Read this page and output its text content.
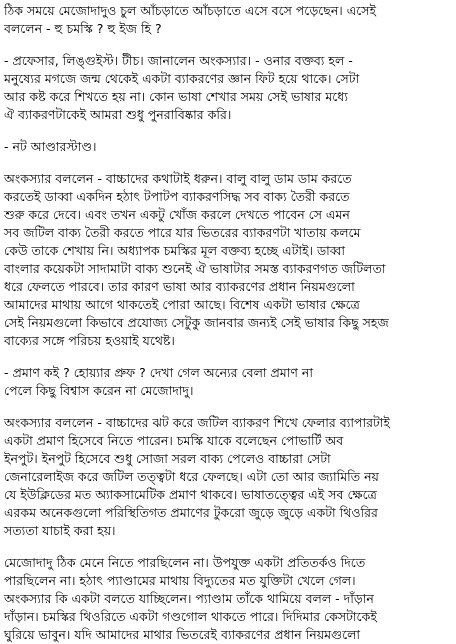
ঠিক সময়ে মেজোদাদুও চুল আঁচড়াতে আঁচড়াতে এসে বসে পড়েছেন। এসেই
বললেন - হু চমস্কি ? হু ইজ হি ?
- প্রফেসার, লিঙ্গুইস্ট। টীচ। জানালেন অংকস্যার। - ওনার বক্তব্য হল -
মনুষ্যের মগজে জন্ম থেকেই একটা ব্যাকরণের জ্ঞান ফিট হয়ে থাকে। সেটা
আর কষ্ট করে শিখতে হয় না। কোন ভাষা শেখার সময় সেই ভাষার মধ্যে
ঐ ব্যাকরণটাকেই আমরা শুধু পুনরাবিষ্কার করি।
- নট আণ্ডারস্টাণ্ড।
অংকস্যার বললেন - বাচ্চাদের কথাটাই ধরুন। বালু বালু ডাম ডাম করতে
করতেই ডাব্বা একদিন হঠাৎ টপাটপ ব্যাকরণসিদ্ধ সব বাক্য তৈরী করতে
শুরু করে দেবে। এবং তখন একটু খোঁজ করলে দেখতে পাবেন সে এমন
সব জটিল বাক্য তৈরী করতে পারে যার ভিতরের ব্যাকরণটা খাতায় কলমে
কেউ তাকে শেখায় নি। অধ্যাপক চমস্কির মূল বক্তব্য হচ্ছে এটাই। ডাব্বা
বাংলার কয়েকটা সাদামাটা বাক্য শুনেই ঐ ভাষাটার সমস্ত ব্যাকরণগত জটিলতা
ধরে ফেলতে পারবে। তার কারণ ভাষা আর ব্যাকরণের প্রধান নিয়মগুলো
আমাদের মাথায় আগে থাকতেই পোরা আছে। বিশেষ একটা ভাষার ক্ষেত্রে
সেই নিয়মগুলো কিভাবে প্রযোজ্য সেটুকু জানবার জন্যই সেই ভাষার কিছু সহজ
বাক্যের সঙ্গে পরিচয় হওয়াই যথেষ্ট।
- প্রমাণ কই ? হোয়্যার প্রুফ ? দেখা গেল অন্যের বেলা প্রমাণ না
পেলে কিছু বিশ্বাস করেন না মেজোদাদু।
অংকস্যার বললেন - বাচ্চাদের ঝট করে জটিল ব্যাকরণ শিখে ফেলার ব্যাপারটাই
একটা প্রমাণ হিসেবে নিতে পারেন। চমস্কি যাকে বলেছেন পোভার্টি অব
ইনপুট। ইনপুট হিসেবে শুধু সোজা সরল বাক্য পেলেও বাচ্চারা সেটা
জেনারেলাইজ করে জটিল তত্ত্বটা ধরে ফেলছে। এটা তো আর জ্যামিতি নয়
যে ইউক্লিডের মত অ্যাকসামেটিক প্রমাণ থাকবে। ভাষাতত্ত্বের এই সব ক্ষেত্রে
এরকম অনেকগুলো পরিস্থিতিগত প্রমাণের টুকরো জুড়ে জুড়ে একটা থিওরির
সত্যতা যাচাই করা হয়।
মেজোদাদু ঠিক মেনে নিতে পারছিলেন না। উপযুক্ত একটা প্রতিতর্কও দিতে
পারছিলেন না। হঠাৎ প্যাণ্ডামের মাথায় বিদ্যুতের মত যুক্তিটা খেলে গেল।
অংকস্যার কি একটা বলতে যাচ্ছিলেন। প্যাণ্ডাম তাঁকে থামিয়ে বলল - দাঁড়ান
দাঁড়ান। চমস্কির থিওরিতে একটা গণ্ডগোল থাকতে পারে। দিদিমার কেসটাকেই
ঘুরিয়ে ভাবুন। যদি আমাদের মাথার ভিতরেই ব্যাকরণের প্রধান নিয়মগুলো
